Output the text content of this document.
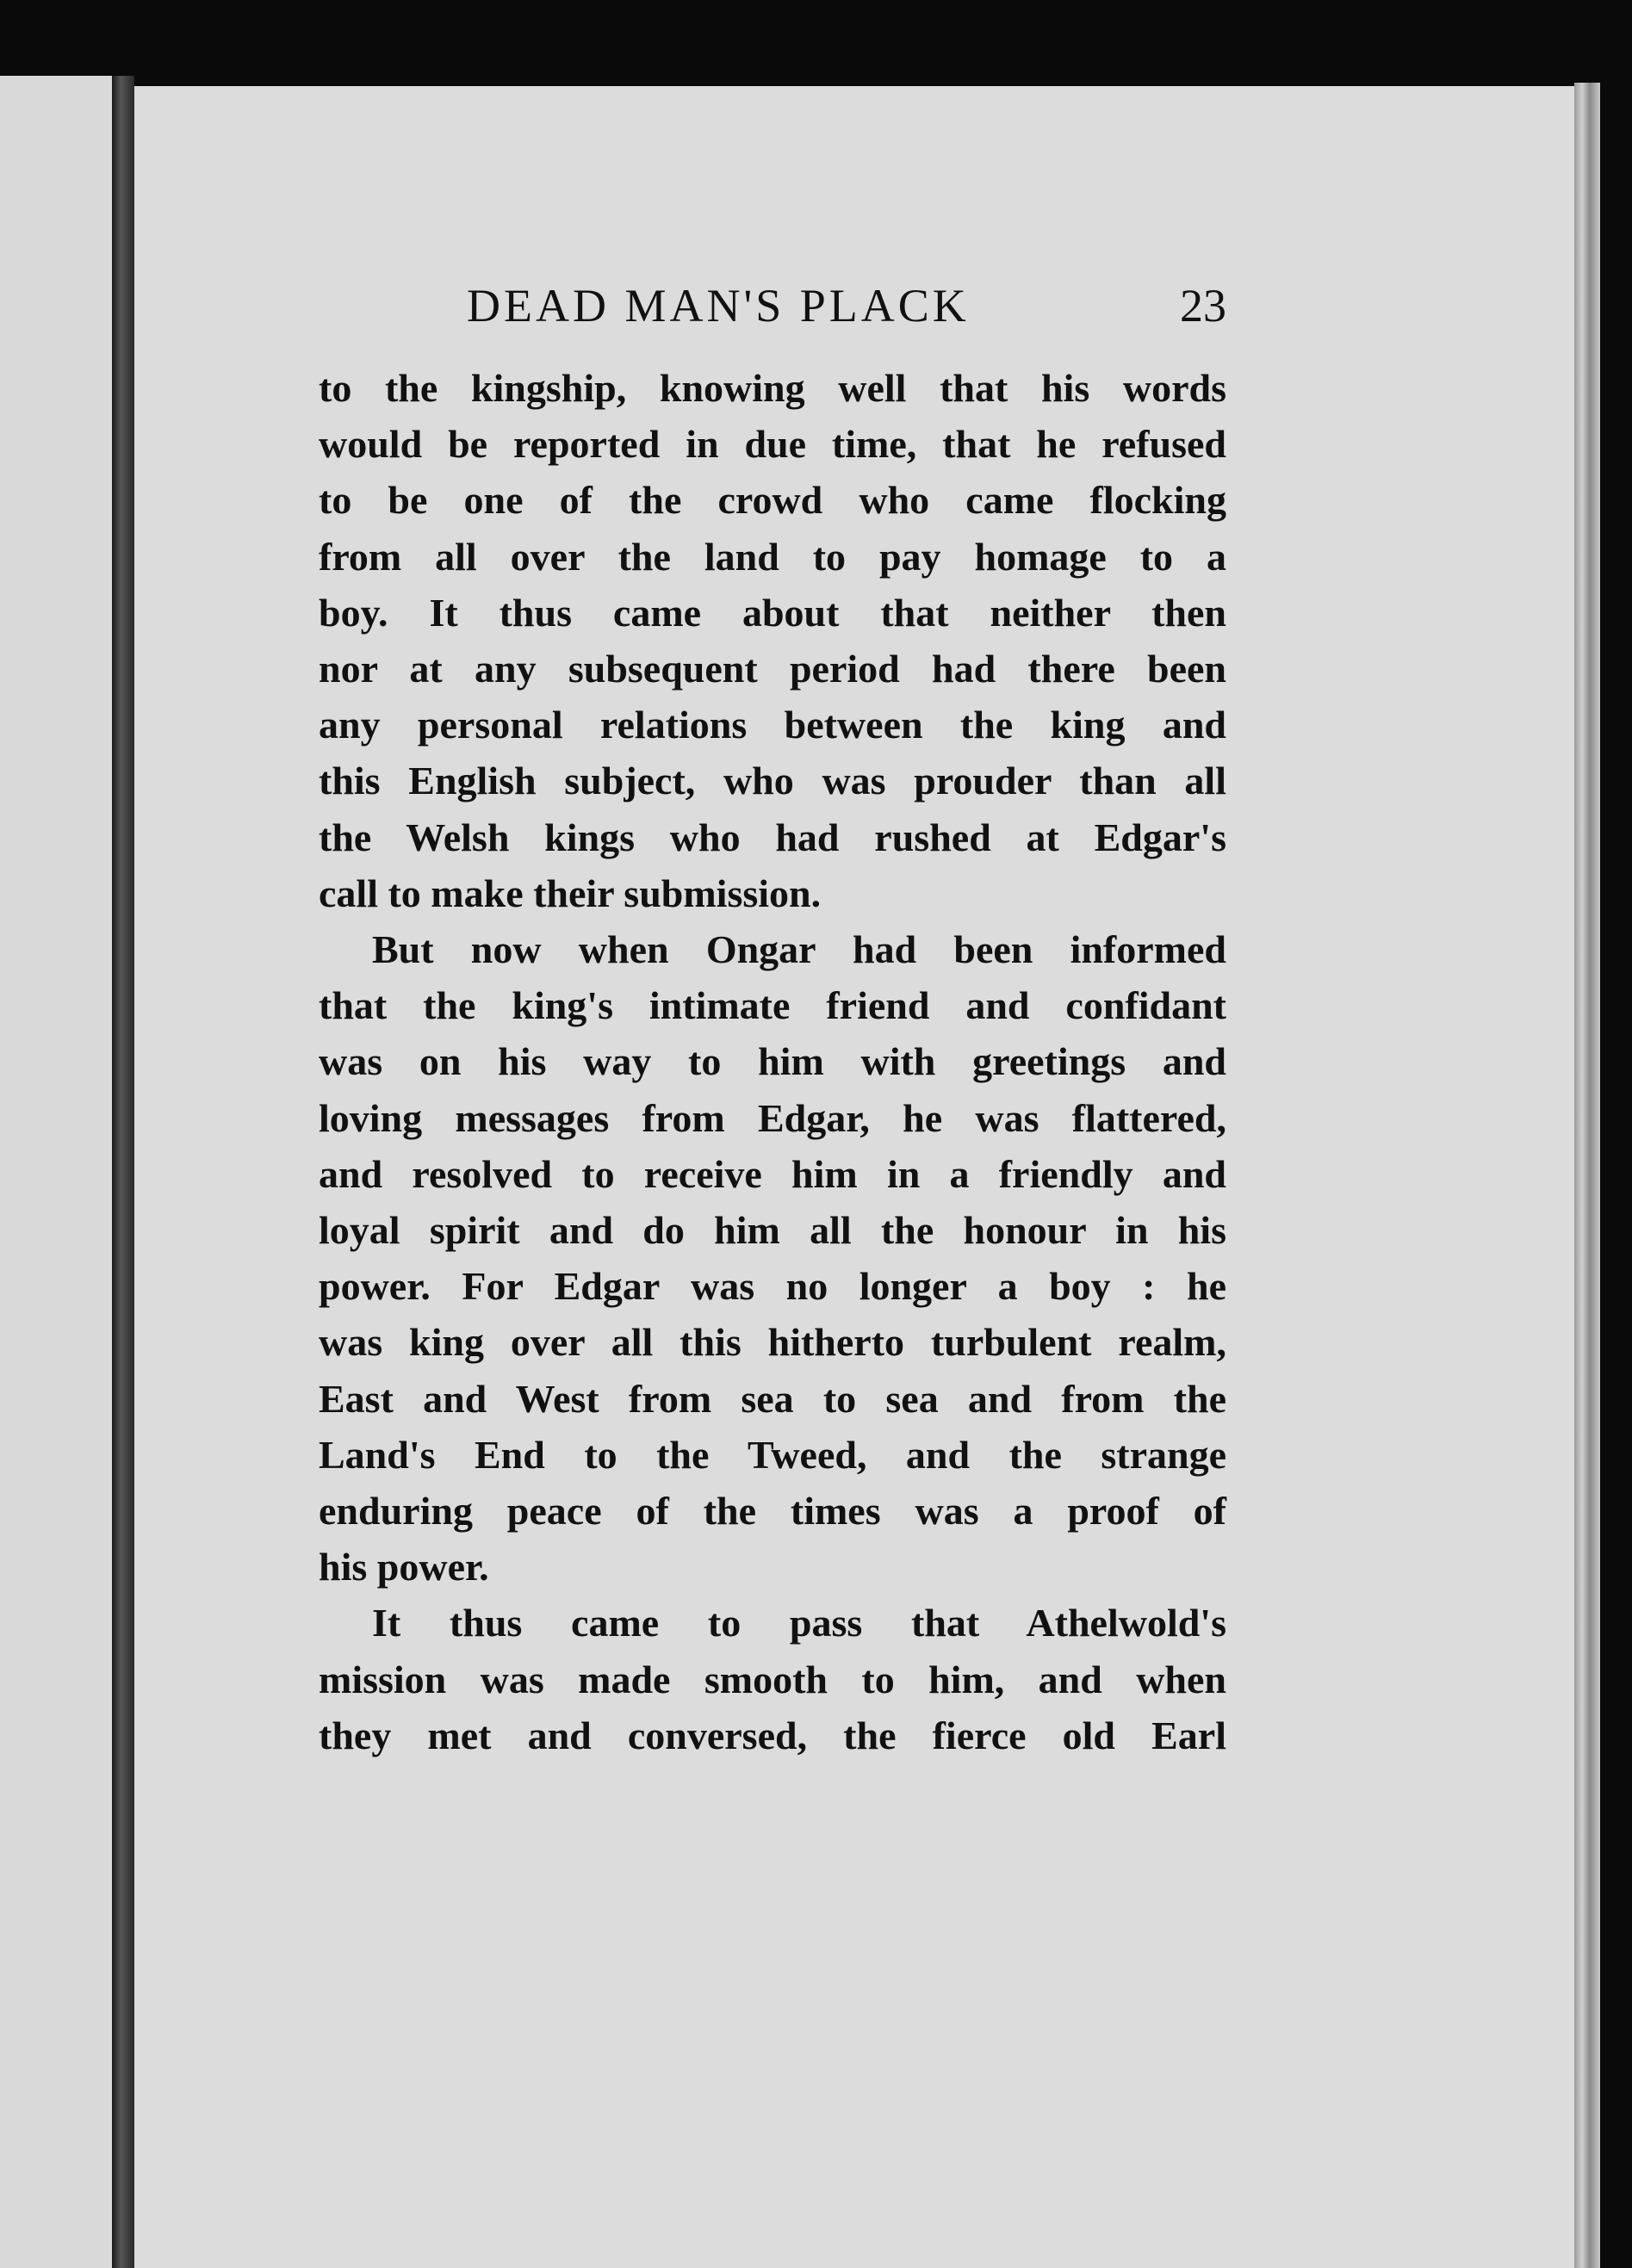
DEAD MAN'S PLACK	23
to the kingship, knowing well that his words
would be reported in due time, that he refused
to be one of the crowd who came flocking
from all over the land to pay homage to a
boy. It thus came about that neither then
nor at any subsequent period had there been
any personal relations between the king and
this English subject, who was prouder than all
the Welsh kings who had rushed at Edgar's
call to make their submission.
But now when Ongar had been informed
that the king's intimate friend and confidant
was on his way to him with greetings and
loving messages from Edgar, he was flattered,
and resolved to receive him in a friendly and
loyal spirit and do him all the honour in his
power. For Edgar was no longer a boy : he
was king over all this hitherto turbulent realm,
East and West from sea to sea and from the
Land's End to the Tweed, and the strange
enduring peace of the times was a proof of
his power.
It thus came to pass that Athelwold's
mission was made smooth to him, and when
they met and conversed, the fierce old Earl
